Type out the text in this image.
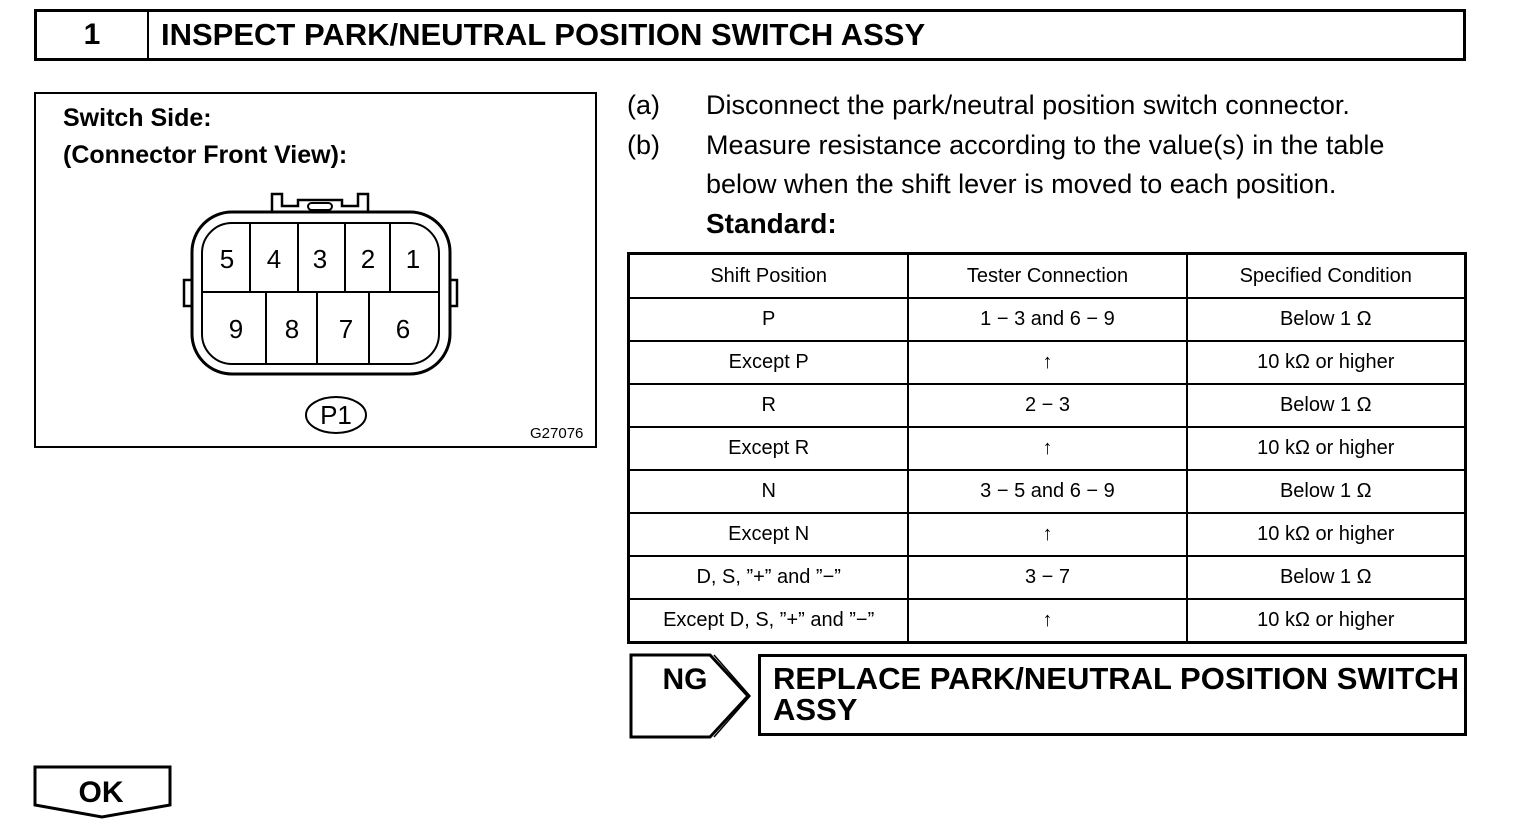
1	INSPECT PARK/NEUTRAL POSITION SWITCH ASSY
Switch Side:
(Connector Front View):
5 4 3 2 1
9 8 7 6
P1
G27076
(a) Disconnect the park/neutral position switch connector.
(b) Measure resistance according to the value(s) in the table
below when the shift lever is moved to each position.
Standard:
Shift Position	Tester Connection	Specified Condition
P	1 − 3 and 6 − 9	Below 1 Ω
Except P	↑	10 kΩ or higher
R	2 − 3	Below 1 Ω
Except R	↑	10 kΩ or higher
N	3 − 5 and 6 − 9	Below 1 Ω
Except N	↑	10 kΩ or higher
D, S, ”+” and ”−”	3 − 7	Below 1 Ω
Except D, S, ”+” and ”−”	↑	10 kΩ or higher
NG REPLACE PARK/NEUTRAL POSITION SWITCH
ASSY
OK
